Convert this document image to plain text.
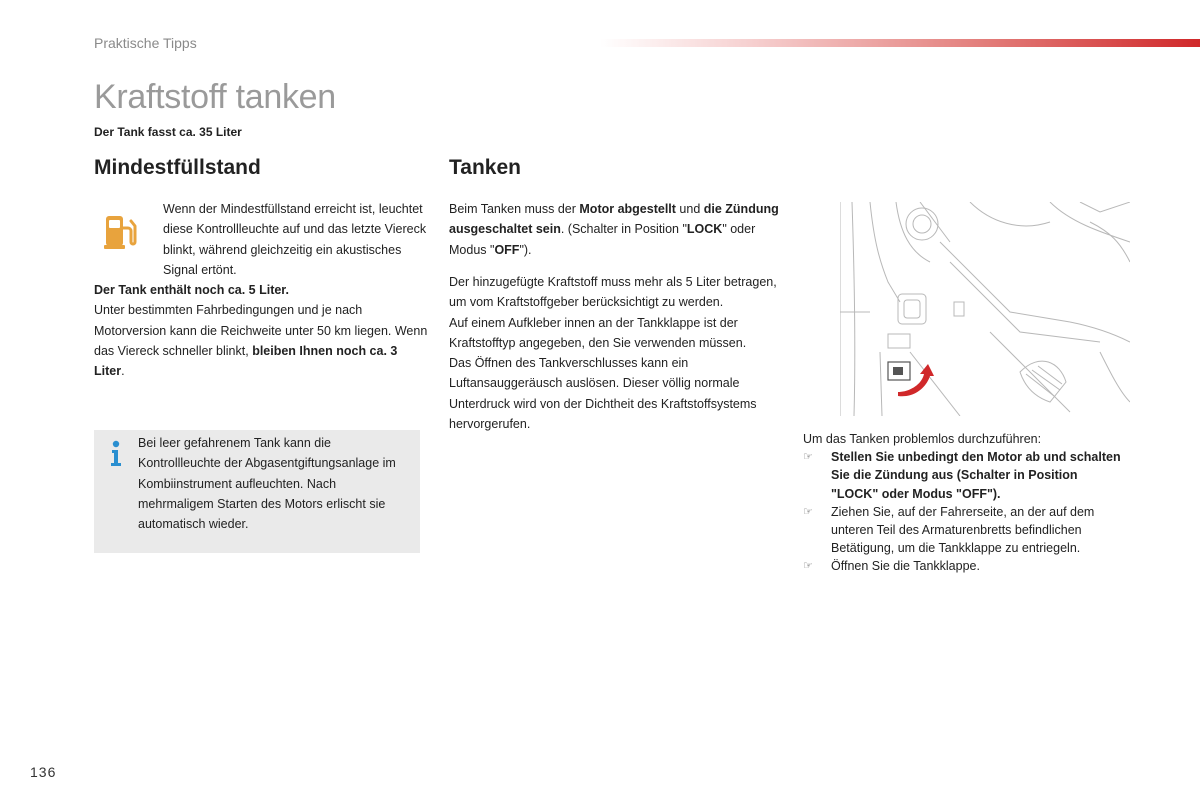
Praktische Tipps
Kraftstoff tanken
Der Tank fasst ca. 35 Liter
Mindestfüllstand	Tanken

Wenn der Mindestfüllstand erreicht ist, leuchtet diese Kontrollleuchte auf und das letzte Viereck blinkt, während gleichzeitig ein akustisches Signal ertönt.

Der Tank enthält noch ca. 5 Liter.

Unter bestimmten Fahrbedingungen und je nach Motorversion kann die Reichweite unter 50 km liegen. Wenn das Viereck schneller blinkt, bleiben Ihnen noch ca. 3 Liter.

Bei leer gefahrenem Tank kann die Kontrollleuchte der Abgasentgiftungsanlage im Kombiinstrument aufleuchten. Nach mehrmaligem Starten des Motors erlischt sie automatisch wieder.

Beim Tanken muss der Motor abgestellt und die Zündung ausgeschaltet sein. (Schalter in Position "LOCK" oder Modus "OFF").

Der hinzugefügte Kraftstoff muss mehr als 5 Liter betragen, um vom Kraftstoffgeber berücksichtigt zu werden.

Auf einem Aufkleber innen an der Tankklappe ist der Kraftstofftyp angegeben, den Sie verwenden müssen.

Das Öffnen des Tankverschlusses kann ein Luftansauggeräusch auslösen. Dieser völlig normale Unterdruck wird von der Dichtheit des Kraftstoffsystems hervorgerufen.

Um das Tanken problemlos durchzuführen:

☞	Stellen Sie unbedingt den Motor ab und schalten Sie die Zündung aus (Schalter in Position "LOCK" oder Modus "OFF").

☞	Ziehen Sie, auf der Fahrerseite, an der auf dem unteren Teil des Armaturenbretts befindlichen Betätigung, um die Tankklappe zu entriegeln.

☞	Öffnen Sie die Tankklappe.

136
